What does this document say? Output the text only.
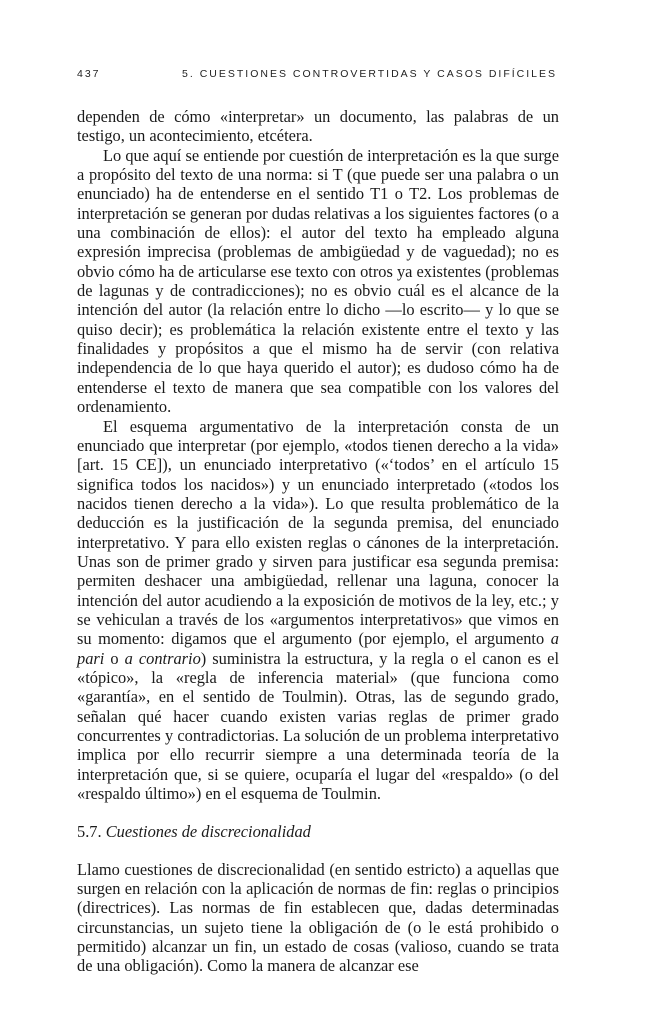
437	5. CUESTIONES CONTROVERTIDAS Y CASOS DIFÍCILES

dependen de cómo «interpretar» un documento, las palabras de un testigo, un acontecimiento, etcétera.

Lo que aquí se entiende por cuestión de interpretación es la que surge a propósito del texto de una norma: si T (que puede ser una palabra o un enunciado) ha de entenderse en el sentido T1 o T2. Los problemas de interpretación se generan por dudas relativas a los siguientes factores (o a una combinación de ellos): el autor del texto ha empleado alguna expresión imprecisa (problemas de ambigüedad y de vaguedad); no es obvio cómo ha de articularse ese texto con otros ya existentes (problemas de lagunas y de contradicciones); no es obvio cuál es el alcance de la intención del autor (la relación entre lo dicho —lo escrito— y lo que se quiso decir); es problemática la relación existente entre el texto y las finalidades y propósitos a que el mismo ha de servir (con relativa independencia de lo que haya querido el autor); es dudoso cómo ha de entenderse el texto de manera que sea compatible con los valores del ordenamiento.

El esquema argumentativo de la interpretación consta de un enunciado que interpretar (por ejemplo, «todos tienen derecho a la vida» [art. 15 CE]), un enunciado interpretativo («‘todos’ en el artículo 15 significa todos los nacidos») y un enunciado interpretado («todos los nacidos tienen derecho a la vida»). Lo que resulta problemático de la deducción es la justificación de la segunda premisa, del enunciado interpretativo. Y para ello existen reglas o cánones de la interpretación. Unas son de primer grado y sirven para justificar esa segunda premisa: permiten deshacer una ambigüedad, rellenar una laguna, conocer la intención del autor acudiendo a la exposición de motivos de la ley, etc.; y se vehiculan a través de los «argumentos interpretativos» que vimos en su momento: digamos que el argumento (por ejemplo, el argumento a pari o a contrario) suministra la estructura, y la regla o el canon es el «tópico», la «regla de inferencia material» (que funciona como «garantía», en el sentido de Toulmin). Otras, las de segundo grado, señalan qué hacer cuando existen varias reglas de primer grado concurrentes y contradictorias. La solución de un problema interpretativo implica por ello recurrir siempre a una determinada teoría de la interpretación que, si se quiere, ocuparía el lugar del «respaldo» (o del «respaldo último») en el esquema de Toulmin.

5.7. Cuestiones de discrecionalidad

Llamo cuestiones de discrecionalidad (en sentido estricto) a aquellas que surgen en relación con la aplicación de normas de fin: reglas o principios (directrices). Las normas de fin establecen que, dadas determinadas circunstancias, un sujeto tiene la obligación de (o le está prohibido o permitido) alcanzar un fin, un estado de cosas (valioso, cuando se trata de una obligación). Como la manera de alcanzar ese
